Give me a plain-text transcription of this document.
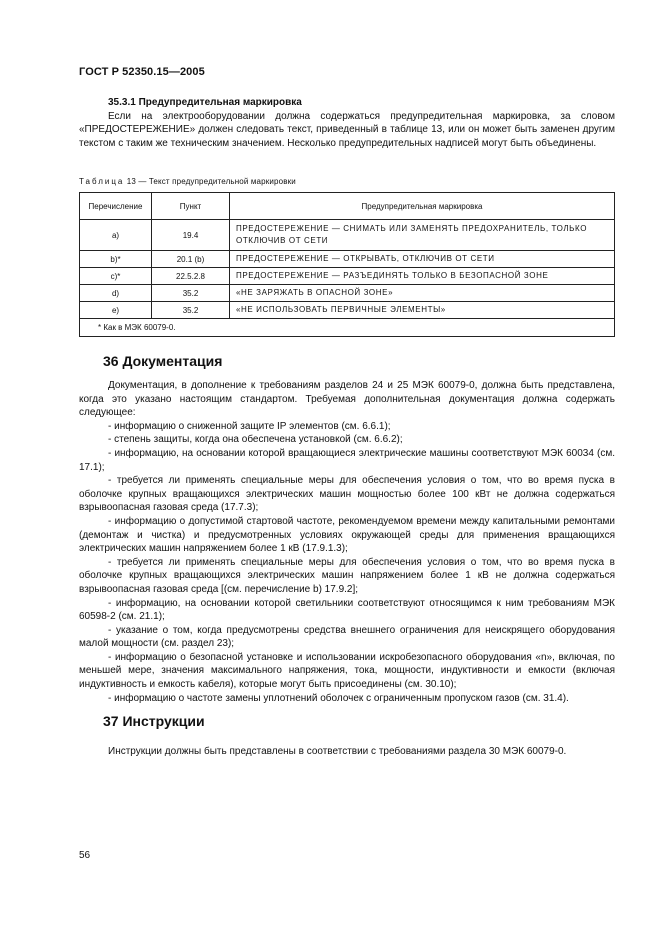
ГОСТ Р 52350.15—2005
35.3.1 Предупредительная маркировка
Если на электрооборудовании должна содержаться предупредительная маркировка, за словом «ПРЕДОСТЕРЕЖЕНИЕ» должен следовать текст, приведенный в таблице 13, или он может быть заменен другим текстом с таким же техническим значением. Несколько предупредительных надписей могут быть объединены.
Таблица 13 — Текст предупредительной маркировки
Перечисление	Пункт	Предупредительная маркировка
a)	19.4	ПРЕДОСТЕРЕЖЕНИЕ — СНИМАТЬ ИЛИ ЗАМЕНЯТЬ ПРЕДОХРАНИТЕЛЬ, ТОЛЬКО ОТКЛЮЧИВ ОТ СЕТИ
b)*	20.1 (b)	ПРЕДОСТЕРЕЖЕНИЕ — ОТКРЫВАТЬ, ОТКЛЮЧИВ ОТ СЕТИ
c)*	22.5.2.8	ПРЕДОСТЕРЕЖЕНИЕ — РАЗЪЕДИНЯТЬ ТОЛЬКО В БЕЗОПАСНОЙ ЗОНЕ
d)	35.2	«НЕ ЗАРЯЖАТЬ В ОПАСНОЙ ЗОНЕ»
e)	35.2	«НЕ ИСПОЛЬЗОВАТЬ ПЕРВИЧНЫЕ ЭЛЕМЕНТЫ»
* Как в МЭК 60079-0.		
36 Документация

Документация, в дополнение к требованиям разделов 24 и 25 МЭК 60079-0, должна быть представлена, когда это указано настоящим стандартом. Требуемая дополнительная документация должна содержать следующее:

- информацию о сниженной защите IP элементов (см. 6.6.1);

- степень защиты, когда она обеспечена установкой (см. 6.6.2);

- информацию, на основании которой вращающиеся электрические машины соответствуют МЭК 60034 (см. 17.1);

- требуется ли применять специальные меры для обеспечения условия о том, что во время пуска в оболочке крупных вращающихся электрических машин мощностью более 100 кВт не должна содержаться взрывоопасная газовая среда (17.7.3);

- информацию о допустимой стартовой частоте, рекомендуемом времени между капитальными ремонтами (демонтаж и чистка) и предусмотренных условиях окружающей среды для применения вращающихся электрических машин напряжением более 1 кВ (17.9.1.3);

- требуется ли применять специальные меры для обеспечения условия о том, что во время пуска в оболочке крупных вращающихся электрических машин напряжением более 1 кВ не должна содержаться взрывоопасная газовая среда [(см. перечисление b) 17.9.2];

- информацию, на основании которой светильники соответствуют относящимся к ним требованиям МЭК 60598-2 (см. 21.1);

- указание о том, когда предусмотрены средства внешнего ограничения для неискрящего оборудования малой мощности (см. раздел 23);

- информацию о безопасной установке и использовании искробезопасного оборудования «n», включая, по меньшей мере, значения максимального напряжения, тока, мощности, индуктивности и емкости (включая индуктивность и емкость кабеля), которые могут быть присоединены (см. 30.10);

- информацию о частоте замены уплотнений оболочек с ограниченным пропуском газов (см. 31.4).

37 Инструкции
Инструкции должны быть представлены в соответствии с требованиями раздела 30 МЭК 60079-0.
56
